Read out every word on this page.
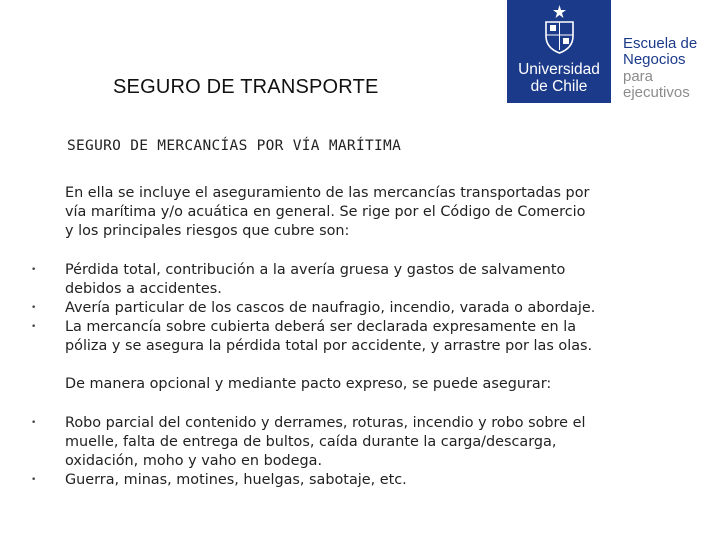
SEGURO DE TRANSPORTE
Universidad
de Chile
Escuela de
Negocios
para
ejecutivos
SEGURO DE MERCANCÍAS POR VÍA MARÍTIMA
En ella se incluye el aseguramiento de las mercancías transportadas por
vía marítima y/o acuática en general. Se rige por el Código de Comercio
y los principales riesgos que cubre son:
• Pérdida total, contribución a la avería gruesa y gastos de salvamento
debidos a accidentes.
• Avería particular de los cascos de naufragio, incendio, varada o abordaje.
• La mercancía sobre cubierta deberá ser declarada expresamente en la
póliza y se asegura la pérdida total por accidente, y arrastre por las olas.
De manera opcional y mediante pacto expreso, se puede asegurar:
• Robo parcial del contenido y derrames, roturas, incendio y robo sobre el
muelle, falta de entrega de bultos, caída durante la carga/descarga,
oxidación, moho y vaho en bodega.
• Guerra, minas, motines, huelgas, sabotaje, etc.
